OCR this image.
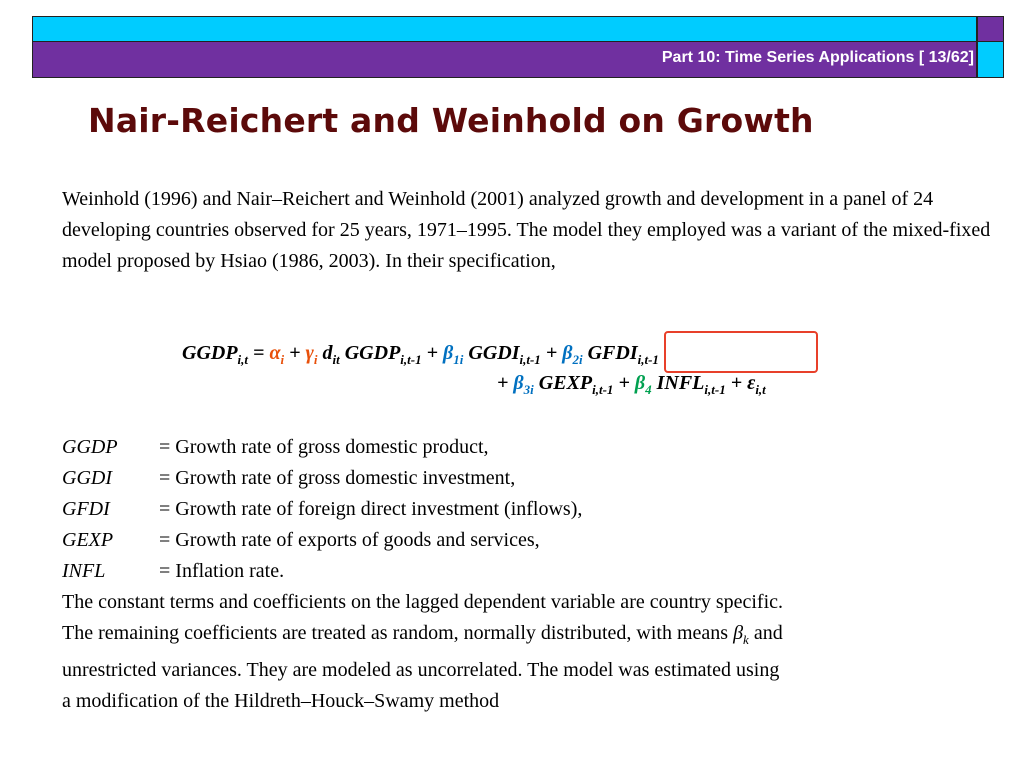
Part 10: Time Series Applications [ 13/62]
Nair-Reichert and Weinhold on Growth
Weinhold (1996) and Nair–Reichert and Weinhold (2001) analyzed growth and development in a panel of 24 developing countries observed for 25 years, 1971–1995. The model they employed was a variant of the mixed-fixed model proposed by Hsiao (1986, 2003). In their specification,
$GGDP_{i,t} = \alpha_i + \gamma_i$ $d_{it}$ $GGDP_{i,t-1} + \beta_{1i}$ $GGDI_{i,t-1} + \beta_{2i}$ $GFDI_{i,t-1}$
+ $\beta_{3i}$ $GEXP_{i,t-1} + \beta_4$ $INFL_{i,t-1} + \varepsilon_{i,t}$
GGDP	= Growth rate of gross domestic product,
GGDI	= Growth rate of gross domestic investment,
GFDI	= Growth rate of foreign direct investment (inflows),
GEXP	= Growth rate of exports of goods and services,
INFL	= Inflation rate.
The constant terms and coefficients on the lagged dependent variable are country specific.
The remaining coefficients are treated as random, normally distributed, with means $\beta_k$ and
unrestricted variances. They are modeled as uncorrelated. The model was estimated using
a modification of the Hildreth–Houck–Swamy method
